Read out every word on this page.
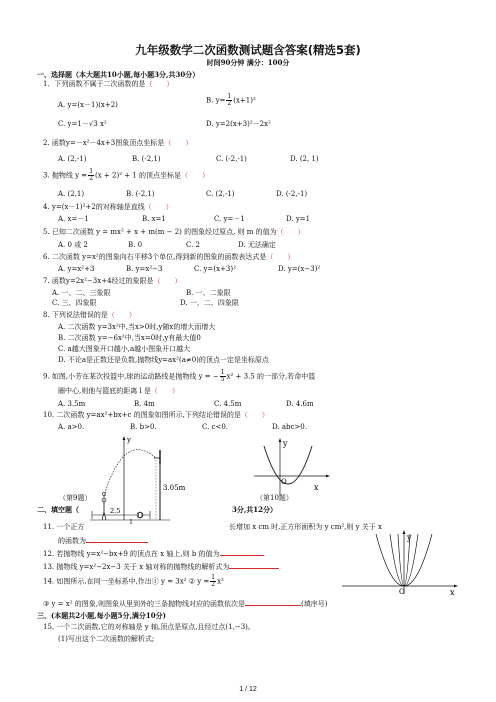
九年级数学二次函数测试题含答案(精选5套)
时间90分钟 满分：100分
一、选择题（本大题共10小题,每小题3分,共30分）
1．下列函数不属于二次函数的是（　　）
A. y=(x－1)(x+2)
B. $y= \frac{1}{2} (x+1)^2$
C. y=1－√3 x²	D. y=2(x+3)²－2x²
2. 函数y=－x²－4x+3图象顶点坐标是（　　）
A. (2,-1)	B. (-2,1)	C. (-2,-1)	D. (2, 1)
3. 抛物线 $y = \frac{1}{2} (x + 2)^2 + 1$ 的顶点坐标是（　　）
A. (2,1)	B. (-2,1)	C. (2,-1)	D. (-2,-1)
4. y=(x－1)²+2的对称轴是直线（　　）
A. x=－1	B. x=1	C. y=－1	D. y=1
5. 已知二次函数 y = mx² + x + m(m − 2) 的图象经过原点, 则 m 的值为（　　）
A. 0 或 2	B. 0	C. 2	D. 无法确定
6. 二次函数 y=x²的图象向右平移3个单位,得到新的图象的函数表达式是（　　）
A. y=x²+3	B. y=x²−3	C. y=(x+3)²	D. y=(x−3)²
7. 函数y=2x²−3x+4经过的象限是（　　）
A. 一、二、三象限	B. 一、二象限
C. 三、四象限	D. 一、二、四象限
8. 下列说法错误的是（　　）
A. 二次函数 y=3x²中,当x>0时,y随x的增大而增大
B. 二次函数 y=−6x²中,当x=0时,y有最大值0
C. a越大图象开口越小,a越小图象开口越大
D. 不论a是正数还是负数,抛物线y=ax²(a≠0)的顶点一定是坐标原点
9. 如图,小芳在某次投篮中,球的运动路线是抛物线 y = − $\frac{1}{5} x^2 + 3.5$ 的一部分,若命中篮
圈中心,则他与篮底的距离 l 是（　　）
A. 3.5m	B. 4m	C. 4.5m	D. 4.6m
10. 二次函数 y=ax²+bx+c 的图象如图所示,下列结论错误的是（　　）
A. a>0.	B. b>0.	C. c<0.	D. abc>0.
y
3.05m
y
O
x
（第9题）	（第10题）
二、填空题（	3分,共12分）
2.5
O
l
11. 一个正方	长增加 x cm 时,正方形面积为 y cm²,则 y 关于 x
的函数为
12. 若抛物线 y=x²−bx+9 的顶点在 x 轴上,则 b 的值为
13. 抛物线 y=x²−2x−3 关于 x 轴对称的抛物线的解析式为
14. 如图所示,在同一坐标系中,作出① y = 3x² ② $y = \frac{1}{2} x^2$
③ y = x² 的图象,则图象从里到外的三条抛物线对应的函数依次是	(填序号)
y
O	x
三、(本题共2小题,每小题5分,满分10分)
15. 一个二次函数,它的对称轴是 y 轴,顶点是原点,且经过点(1,−3)。
(1)写出这个二次函数的解析式;
1 / 12
